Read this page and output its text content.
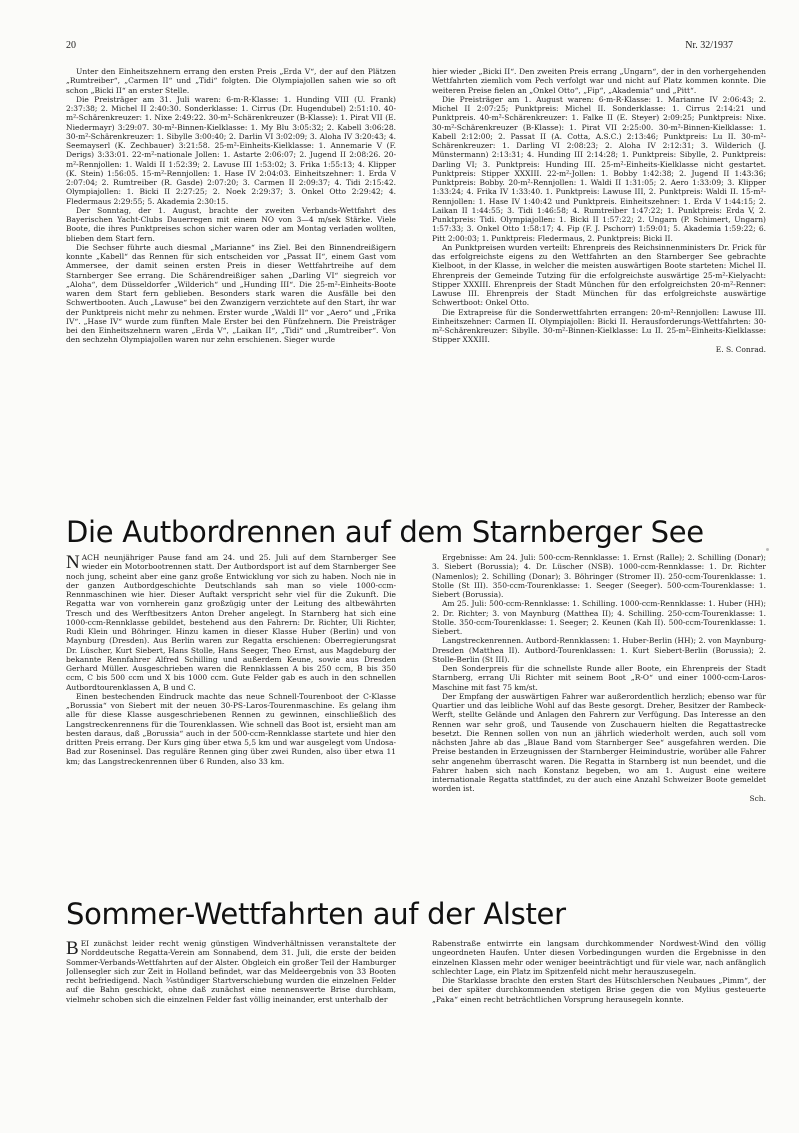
20	Nr. 32/1937

Unter den Einheitszehnern errang den ersten Preis „Erda V“, der auf den Plätzen „Rumtreiber“, „Carmen II“ und „Tidi“ folgten. Die Olympiajollen sahen wie so oft schon „Bicki II“ an erster Stelle.

Die Preisträger am 31. Juli waren: 6-m-R-Klasse: 1. Hunding VIII (U. Frank) 2:37:38; 2. Michel II 2:40:30. Sonderklasse: 1. Cirrus (Dr. Hugendubel) 2:51:10. 40-m²-Schärenkreuzer: 1. Nixe 2:49:22. 30-m²-Schärenkreuzer (B-Klasse): 1. Pirat VII (E. Niedermayr) 3:29:07. 30-m²-Binnen-Kielklasse: 1. My Blu 3:05:32; 2. Kabell 3:06:28. 30-m²-Schärenkreuzer: 1. Sibylle 3:00:40; 2. Darlin VI 3:02:09; 3. Aloha IV 3:20:43; 4. Seemayserl (K. Zechbauer) 3:21:58. 25-m²-Einheits-Kielklasse: 1. Annemarie V (F. Derigs) 3:33:01. 22-m²-nationale Jollen: 1. Astarte 2:06:07; 2. Jugend II 2:08:26. 20-m²-Rennjollen: 1. Waldi II 1:52:39; 2. Lavuse III 1:53:02; 3. Frika 1:55:13; 4. Klipper (K. Stein) 1:56:05. 15-m²-Rennjollen: 1. Hase IV 2:04:03. Einheitszehner: 1. Erda V 2:07:04; 2. Rumtreiber (R. Gasde) 2:07:20; 3. Carmen II 2:09:37; 4. Tidi 2:15:42. Olympiajollen: 1. Bicki II 2:27:25; 2. Noek 2:29:37; 3. Onkel Otto 2:29:42; 4. Fledermaus 2:29:55; 5. Akademia 2:30:15.

Der Sonntag, der 1. August, brachte der zweiten Verbands-Wettfahrt des Bayerischen Yacht-Clubs Dauerregen mit einem NO von 3—4 m/sek Stärke. Viele Boote, die ihres Punktpreises schon sicher waren oder am Montag verladen wollten, blieben dem Start fern.

Die Sechser führte auch diesmal „Marianne“ ins Ziel. Bei den Binnendreißigern konnte „Kabell“ das Rennen für sich entscheiden vor „Passat II“, einem Gast vom Ammersee, der damit seinen ersten Preis in dieser Wettfahrtreihe auf dem Starnberger See errang. Die Schärendreißiger sahen „Darling VI“ siegreich vor „Aloha“, dem Düsseldorfer „Wilderich“ und „Hunding III“. Die 25-m²-Einheits-Boote waren dem Start fern geblieben. Besonders stark waren die Ausfälle bei den Schwertbooten. Auch „Lawuse“ bei den Zwanzigern verzichtete auf den Start, ihr war der Punktpreis nicht mehr zu nehmen. Erster wurde „Waldi II“ vor „Aero“ und „Frika IV“. „Hase IV“ wurde zum fünften Male Erster bei den Fünfzehnern. Die Preisträger bei den Einheitszehnern waren „Erda V“, „Laikan II“, „Tidi“ und „Rumtreiber“. Von den sechzehn Olympiajollen waren nur zehn erschienen. Sieger wurde

hier wieder „Bicki II“. Den zweiten Preis errang „Ungarn“, der in den vorhergehenden Wettfahrten ziemlich vom Pech verfolgt war und nicht auf Platz kommen konnte. Die weiteren Preise fielen an „Onkel Otto“, „Fip“, „Akademia“ und „Pitt“.

Die Preisträger am 1. August waren: 6-m-R-Klasse: 1. Marianne IV 2:06:43; 2. Michel II 2:07:25; Punktpreis: Michel II. Sonderklasse: 1. Cirrus 2:14:21 und Punktpreis. 40-m²-Schärenkreuzer: 1. Falke II (E. Steyer) 2:09:25; Punktpreis: Nixe. 30-m²-Schärenkreuzer (B-Klasse): 1. Pirat VII 2:25:00. 30-m²-Binnen-Kielklasse: 1. Kabell 2:12:00; 2. Passat II (A. Cotta, A.S.C.) 2:13:46; Punktpreis: Lu II. 30-m²-Schärenkreuzer: 1. Darling VI 2:08:23; 2. Aloha IV 2:12:31; 3. Wilderich (J. Münstermann) 2:13:31; 4. Hunding III 2:14:28; 1. Punktpreis: Sibylle, 2. Punktpreis: Darling VI; 3. Punktpreis: Hunding III. 25-m²-Einheits-Kielklasse nicht gestartet. Punktpreis: Stipper XXXIII. 22-m²-Jollen: 1. Bobby 1:42:38; 2. Jugend II 1:43:36; Punktpreis: Bobby. 20-m²-Rennjollen: 1. Waldi II 1:31:05; 2. Aero 1:33:09; 3. Klipper 1:33:24; 4. Frika IV 1:33:40. 1. Punktpreis: Lawuse III, 2. Punktpreis: Waldi II. 15-m²-Rennjollen: 1. Hase IV 1:40:42 und Punktpreis. Einheitszehner: 1. Erda V 1:44:15; 2. Laikan II 1:44:55; 3. Tidi 1:46:58; 4. Rumtreiber 1:47:22; 1. Punktpreis: Erda V, 2. Punktpreis: Tidi. Olympiajollen: 1. Bicki II 1:57:22; 2. Ungarn (P. Schimert, Ungarn) 1:57:33; 3. Onkel Otto 1:58:17; 4. Fip (F. J. Pschorr) 1:59:01; 5. Akademia 1:59:22; 6. Pitt 2:00:03; 1. Punktpreis: Fledermaus, 2. Punktpreis: Bicki II.

An Punktpreisen wurden verteilt: Ehrenpreis des Reichsinnenministers Dr. Frick für das erfolgreichste eigens zu den Wettfahrten an den Starnberger See gebrachte Kielboot, in der Klasse, in welcher die meisten auswärtigen Boote starteten: Michel II. Ehrenpreis der Gemeinde Tutzing für die erfolgreichste auswärtige 25-m²-Kielyacht: Stipper XXXIII. Ehrenpreis der Stadt München für den erfolgreichsten 20-m²-Renner: Lawuse III. Ehrenpreis der Stadt München für das erfolgreichste auswärtige Schwertboot: Onkel Otto.

Die Extrapreise für die Sonderwettfahrten errangen: 20-m²-Rennjollen: Lawuse III. Einheitszehner: Carmen II. Olympiajollen: Bicki II. Herausforderungs-Wettfahrten: 30-m²-Schärenkreuzer: Sibylle. 30-m²-Binnen-Kielklasse: Lu II. 25-m²-Einheits-Kielklasse: Stipper XXXIII.

E. S. Conrad.
Die Autbordrennen auf dem Starnberger See

NACH neunjähriger Pause fand am 24. und 25. Juli auf dem Starnberger See wieder ein Motorbootrennen statt. Der Autbordsport ist auf dem Starnberger See noch jung, scheint aber eine ganz große Entwicklung vor sich zu haben. Noch nie in der ganzen Autbordgeschichte Deutschlands sah man so viele 1000-ccm-Rennmaschinen wie hier. Dieser Auftakt verspricht sehr viel für die Zukunft. Die Regatta war von vornherein ganz großzügig unter der Leitung des altbewährten Tresch und des Werftbesitzers Anton Dreher angelegt. In Starnberg hat sich eine 1000-ccm-Rennklasse gebildet, bestehend aus den Fahrern: Dr. Richter, Uli Richter, Rudi Klein und Böhringer. Hinzu kamen in dieser Klasse Huber (Berlin) und von Maynburg (Dresden). Aus Berlin waren zur Regatta erschienen: Oberregierungsrat Dr. Lüscher, Kurt Siebert, Hans Stolle, Hans Seeger, Theo Ernst, aus Magdeburg der bekannte Rennfahrer Alfred Schilling und außerdem Keune, sowie aus Dresden Gerhard Müller. Ausgeschrieben waren die Rennklassen A bis 250 ccm, B bis 350 ccm, C bis 500 ccm und X bis 1000 ccm. Gute Felder gab es auch in den schnellen Autbordtourenklassen A, B und C.

Einen bestechenden Eindruck machte das neue Schnell-Tourenboot der C-Klasse „Borussia“ von Siebert mit der neuen 30-PS-Laros-Tourenmaschine. Es gelang ihm alle für diese Klasse ausgeschriebenen Rennen zu gewinnen, einschließlich des Langstreckenrennens für die Tourenklassen. Wie schnell das Boot ist, ersieht man am besten daraus, daß „Borussia“ auch in der 500-ccm-Rennklasse startete und hier den dritten Preis errang. Der Kurs ging über etwa 5,5 km und war ausgelegt vom Undosa-Bad zur Roseninsel. Das reguläre Rennen ging über zwei Runden, also über etwa 11 km; das Langstreckenrennen über 6 Runden, also 33 km.

Ergebnisse: Am 24. Juli: 500-ccm-Rennklasse: 1. Ernst (Ralle); 2. Schilling (Donar); 3. Siebert (Borussia); 4. Dr. Lüscher (NSB). 1000-ccm-Rennklasse: 1. Dr. Richter (Namenlos); 2. Schilling (Donar); 3. Böhringer (Stromer II). 250-ccm-Tourenklasse: 1. Stolle (St III). 350-ccm-Tourenklasse: 1. Seeger (Seeger). 500-ccm-Tourenklasse: 1. Siebert (Borussia).

Am 25. Juli: 500-ccm-Rennklasse: 1. Schilling. 1000-ccm-Rennklasse: 1. Huber (HH); 2. Dr. Richter; 3. von Maynburg (Matthea II); 4. Schilling. 250-ccm-Tourenklasse: 1. Stolle. 350-ccm-Tourenklasse: 1. Seeger; 2. Keunen (Kah II). 500-ccm-Tourenklasse: 1. Siebert.

Langstreckenrennen. Autbord-Rennklassen: 1. Huber-Berlin (HH); 2. von Maynburg-Dresden (Matthea II). Autbord-Tourenklassen: 1. Kurt Siebert-Berlin (Borussia); 2. Stolle-Berlin (St III).

Den Sonderpreis für die schnellste Runde aller Boote, ein Ehrenpreis der Stadt Starnberg, errang Uli Richter mit seinem Boot „R-O“ und einer 1000-ccm-Laros-Maschine mit fast 75 km/st.

Der Empfang der auswärtigen Fahrer war außerordentlich herzlich; ebenso war für Quartier und das leibliche Wohl auf das Beste gesorgt. Dreher, Besitzer der Rambeck-Werft, stellte Gelände und Anlagen den Fahrern zur Verfügung. Das Interesse an den Rennen war sehr groß, und Tausende von Zuschauern hielten die Regattastrecke besetzt. Die Rennen sollen von nun an jährlich wiederholt werden, auch soll vom nächsten Jahre ab das „Blaue Band vom Starnberger See“ ausgefahren werden. Die Preise bestanden in Erzeugnissen der Starnberger Heimindustrie, worüber alle Fahrer sehr angenehm überrascht waren. Die Regatta in Starnberg ist nun beendet, und die Fahrer haben sich nach Konstanz begeben, wo am 1. August eine weitere internationale Regatta stattfindet, zu der auch eine Anzahl Schweizer Boote gemeldet worden ist.

Sch.
Sommer-Wettfahrten auf der Alster

BEI zunächst leider recht wenig günstigen Windverhältnissen veranstaltete der Norddeutsche Regatta-Verein am Sonnabend, dem 31. Juli, die erste der beiden Sommer-Verbands-Wettfahrten auf der Alster. Obgleich ein großer Teil der Hamburger Jollensegler sich zur Zeit in Holland befindet, war das Meldeergebnis von 33 Booten recht befriedigend. Nach ¾stündiger Startverschiebung wurden die einzelnen Felder auf die Bahn geschickt, ohne daß zunächst eine nennenswerte Brise durchkam, vielmehr schoben sich die einzelnen Felder fast völlig ineinander, erst unterhalb der

Rabenstraße entwirrte ein langsam durchkommender Nordwest-Wind den völlig ungeordneten Haufen. Unter diesen Vorbedingungen wurden die Ergebnisse in den einzelnen Klassen mehr oder weniger beeinträchtigt und für viele war, nach anfänglich schlechter Lage, ein Platz im Spitzenfeld nicht mehr herauszusegeln.

Die Starklasse brachte den ersten Start des Hütschlerschen Neubaues „Pimm“, der bei der später durchkommenden stetigen Brise gegen die von Mylius gesteuerte „Paka“ einen recht beträchtlichen Vorsprung herausegeln konnte.
